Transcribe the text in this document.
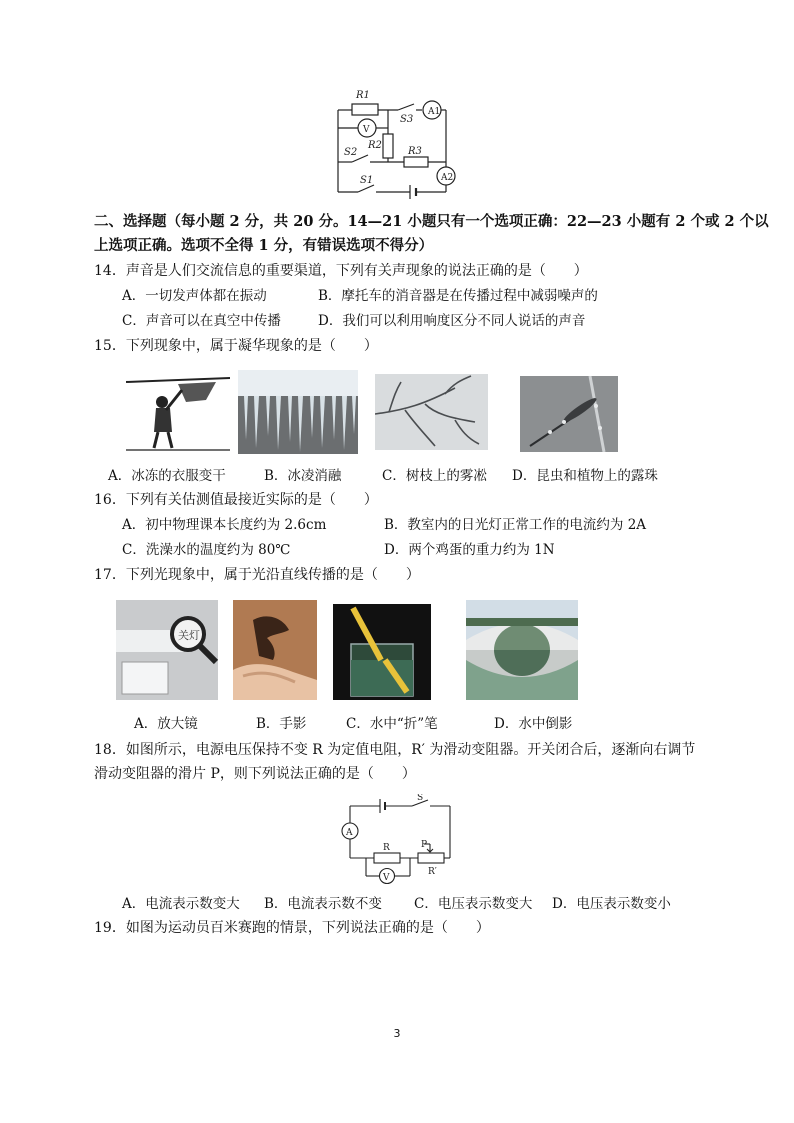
R1
S3
A1
V
R2
S2	R3
A2
S1
二、选择题（每小题 2 分，共 20 分。14—21 小题只有一个选项正确：22—23 小题有 2 个或 2 个以
上选项正确。选项不全得 1 分，有错误选项不得分）
14．声音是人们交流信息的重要渠道，下列有关声现象的说法正确的是（　　）
A．一切发声体都在振动	B．摩托车的消音器是在传播过程中减弱噪声的
C．声音可以在真空中传播	D．我们可以利用响度区分不同人说话的声音
15．下列现象中，属于凝华现象的是（　　）
A．冰冻的衣服变干	B．冰凌消融	C．树枝上的雾凇 D．昆虫和植物上的露珠
16．下列有关估测值最接近实际的是（　　）
A．初中物理课本长度约为 2.6cm	B．教室内的日光灯正常工作的电流约为 2A
C．洗澡水的温度约为 80℃	D．两个鸡蛋的重力约为 1N
17．下列光现象中，属于光沿直线传播的是（　　）
关灯
A．放大镜	B．手影	C．水中“折”笔	D．水中倒影
18．如图所示，电源电压保持不变 R 为定值电阻，R′ 为滑动变阻器。开关闭合后，逐渐向右调节
滑动变阻器的滑片 P，则下列说法正确的是（　　）
S
A
R	P
R′
V
A．电流表示数变大 B．电流表示数不变 C．电压表示数变大 D．电压表示数变小
19．如图为运动员百米赛跑的情景，下列说法正确的是（　　）
3
